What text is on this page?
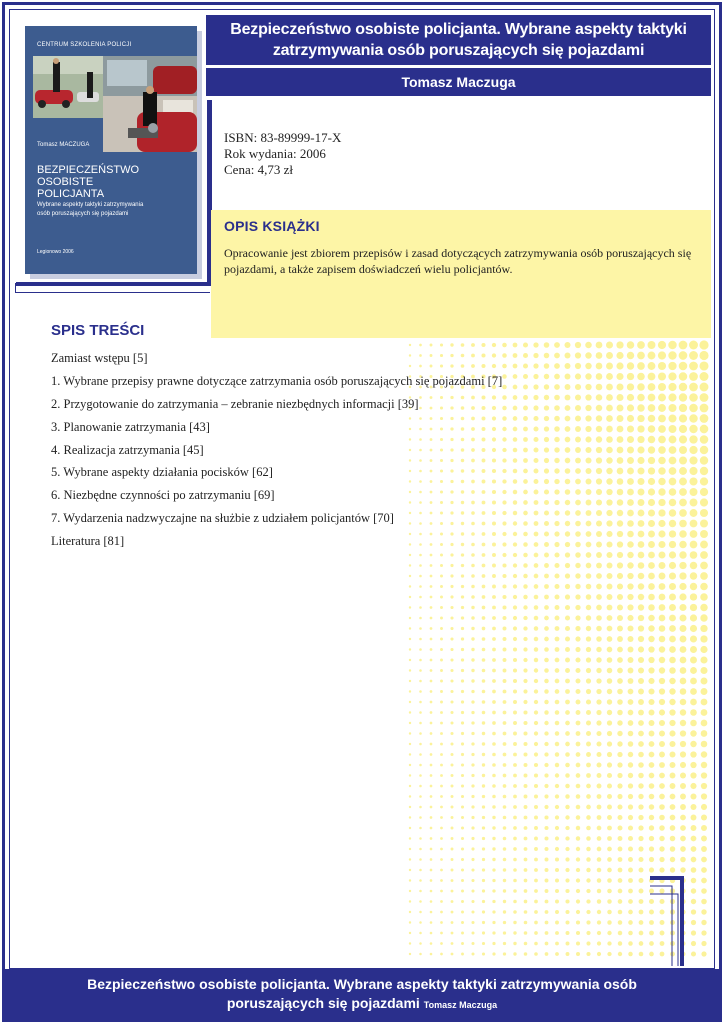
Bezpieczeństwo osobiste policjanta. Wybrane aspekty taktyki
zatrzymywania osób poruszających się pojazdami
Tomasz Maczuga
CENTRUM SZKOLENIA POLICJI
Tomasz MACZUGA
BEZPIECZEŃSTWO
OSOBISTE
POLICJANTA
Wybrane aspekty taktyki zatrzymywania
osób poruszających się pojazdami
Legionowo 2006
ISBN: 83-89999-17-X
Rok wydania: 2006
Cena: 4,73 zł
OPIS KSIĄŻKI
Opracowanie jest zbiorem przepisów i zasad dotyczących zatrzymywania osób poruszających się pojazdami, a także zapisem doświadczeń wielu policjantów.
SPIS TREŚCI
Zamiast wstępu [5]
1. Wybrane przepisy prawne dotyczące zatrzymania osób poruszających się pojazdami [7]
2. Przygotowanie do zatrzymania – zebranie niezbędnych informacji [39]
3. Planowanie zatrzymania [43]
4. Realizacja zatrzymania [45]
5. Wybrane aspekty działania pocisków [62]
6. Niezbędne czynności po zatrzymaniu [69]
7. Wydarzenia nadzwyczajne na służbie z udziałem policjantów [70]
Literatura [81]
Bezpieczeństwo osobiste policjanta. Wybrane aspekty taktyki zatrzymywania osób
poruszających się pojazdami Tomasz Maczuga
